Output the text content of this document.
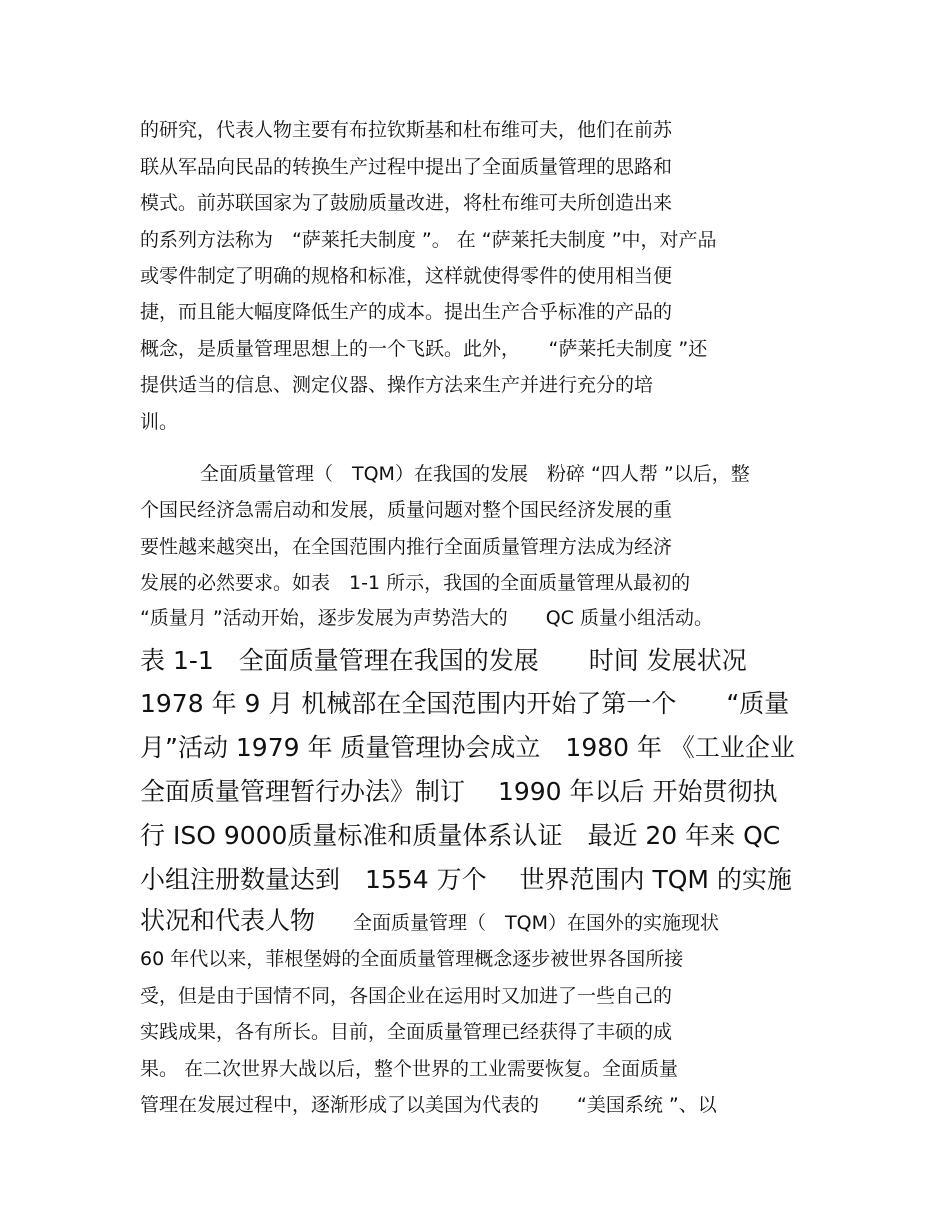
的研究，代表人物主要有布拉钦斯基和杜布维可夫，他们在前苏
联从军品向民品的转换生产过程中提出了全面质量管理的思路和
模式。前苏联国家为了鼓励质量改进，将杜布维可夫所创造出来
的系列方法称为　“萨莱托夫制度 ”。 在 “萨莱托夫制度 ”中，对产品
或零件制定了明确的规格和标准，这样就使得零件的使用相当便
捷，而且能大幅度降低生产的成本。提出生产合乎标准的产品的
概念，是质量管理思想上的一个飞跃。此外，　　“萨莱托夫制度 ”还
提供适当的信息、测定仪器、操作方法来生产并进行充分的培
训。
全面质量管理（　TQM）在我国的发展　粉碎 “四人帮 ”以后，整
个国民经济急需启动和发展，质量问题对整个国民经济发展的重
要性越来越突出，在全国范围内推行全面质量管理方法成为经济
发展的必然要求。如表　1-1 所示，我国的全面质量管理从最初的
“质量月 ”活动开始，逐步发展为声势浩大的　　QC 质量小组活动。
表 1-1　全面质量管理在我国的发展　　时间 发展状况
1978 年 9 月 机械部在全国范围内开始了第一个　　“质量
月”活动 1979 年 质量管理协会成立　1980 年 《工业企业
全面质量管理暂行办法》制订　 1990 年以后 开始贯彻执
行 ISO 9000质量标准和质量体系认证　最近 20 年来 QC
小组注册数量达到　1554 万个　 世界范围内 TQM 的实施
状况和代表人物　　全面质量管理（　TQM）在国外的实施现状
60 年代以来，菲根堡姆的全面质量管理概念逐步被世界各国所接
受，但是由于国情不同，各国企业在运用时又加进了一些自己的
实践成果，各有所长。目前，全面质量管理已经获得了丰硕的成
果。 在二次世界大战以后，整个世界的工业需要恢复。全面质量
管理在发展过程中，逐渐形成了以美国为代表的　　“美国系统 ”、以
